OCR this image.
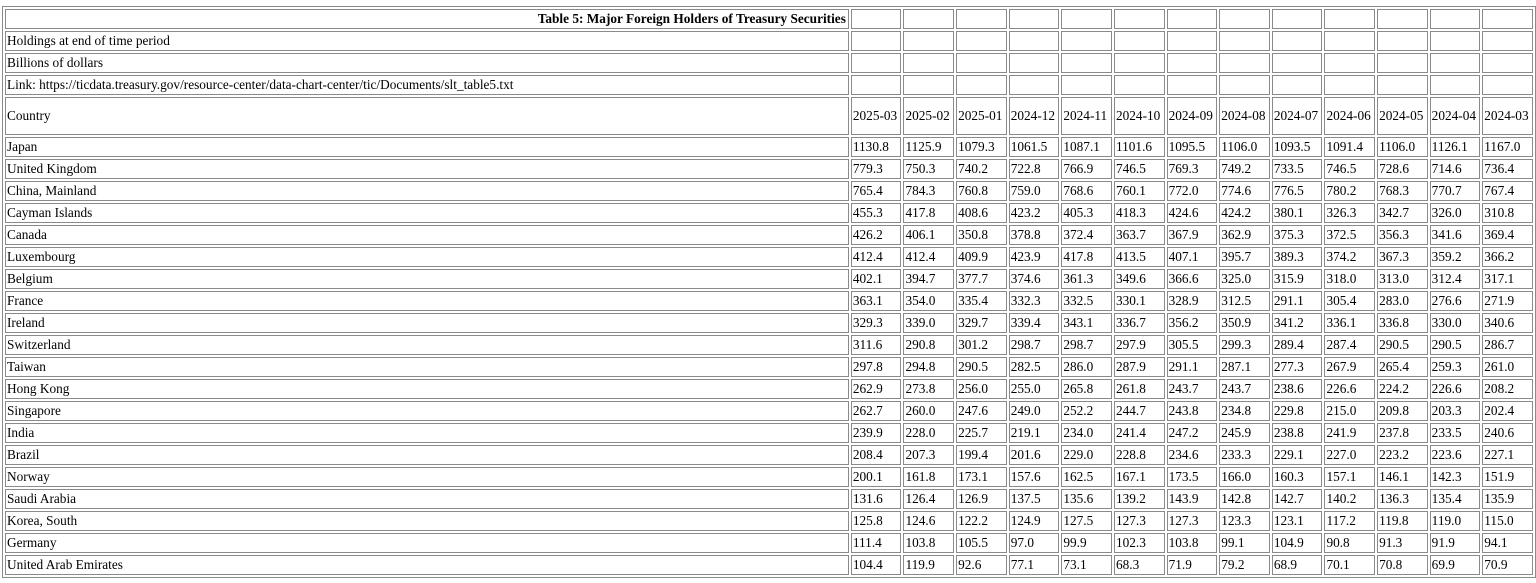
Table 5: Major Foreign Holders of Treasury Securities													
Holdings at end of time period													
Billions of dollars													
Link: https://ticdata.treasury.gov/resource-center/data-chart-center/tic/Documents/slt_table5.txt													
Country	2025-03	2025-02	2025-01	2024-12	2024-11	2024-10	2024-09	2024-08	2024-07	2024-06	2024-05	2024-04	2024-03
Japan	1130.8	1125.9	1079.3	1061.5	1087.1	1101.6	1095.5	1106.0	1093.5	1091.4	1106.0	1126.1	1167.0
United Kingdom	779.3	750.3	740.2	722.8	766.9	746.5	769.3	749.2	733.5	746.5	728.6	714.6	736.4
China, Mainland	765.4	784.3	760.8	759.0	768.6	760.1	772.0	774.6	776.5	780.2	768.3	770.7	767.4
Cayman Islands	455.3	417.8	408.6	423.2	405.3	418.3	424.6	424.2	380.1	326.3	342.7	326.0	310.8
Canada	426.2	406.1	350.8	378.8	372.4	363.7	367.9	362.9	375.3	372.5	356.3	341.6	369.4
Luxembourg	412.4	412.4	409.9	423.9	417.8	413.5	407.1	395.7	389.3	374.2	367.3	359.2	366.2
Belgium	402.1	394.7	377.7	374.6	361.3	349.6	366.6	325.0	315.9	318.0	313.0	312.4	317.1
France	363.1	354.0	335.4	332.3	332.5	330.1	328.9	312.5	291.1	305.4	283.0	276.6	271.9
Ireland	329.3	339.0	329.7	339.4	343.1	336.7	356.2	350.9	341.2	336.1	336.8	330.0	340.6
Switzerland	311.6	290.8	301.2	298.7	298.7	297.9	305.5	299.3	289.4	287.4	290.5	290.5	286.7
Taiwan	297.8	294.8	290.5	282.5	286.0	287.9	291.1	287.1	277.3	267.9	265.4	259.3	261.0
Hong Kong	262.9	273.8	256.0	255.0	265.8	261.8	243.7	243.7	238.6	226.6	224.2	226.6	208.2
Singapore	262.7	260.0	247.6	249.0	252.2	244.7	243.8	234.8	229.8	215.0	209.8	203.3	202.4
India	239.9	228.0	225.7	219.1	234.0	241.4	247.2	245.9	238.8	241.9	237.8	233.5	240.6
Brazil	208.4	207.3	199.4	201.6	229.0	228.8	234.6	233.3	229.1	227.0	223.2	223.6	227.1
Norway	200.1	161.8	173.1	157.6	162.5	167.1	173.5	166.0	160.3	157.1	146.1	142.3	151.9
Saudi Arabia	131.6	126.4	126.9	137.5	135.6	139.2	143.9	142.8	142.7	140.2	136.3	135.4	135.9
Korea, South	125.8	124.6	122.2	124.9	127.5	127.3	127.3	123.3	123.1	117.2	119.8	119.0	115.0
Germany	111.4	103.8	105.5	97.0	99.9	102.3	103.8	99.1	104.9	90.8	91.3	91.9	94.1
United Arab Emirates	104.4	119.9	92.6	77.1	73.1	68.3	71.9	79.2	68.9	70.1	70.8	69.9	70.9
